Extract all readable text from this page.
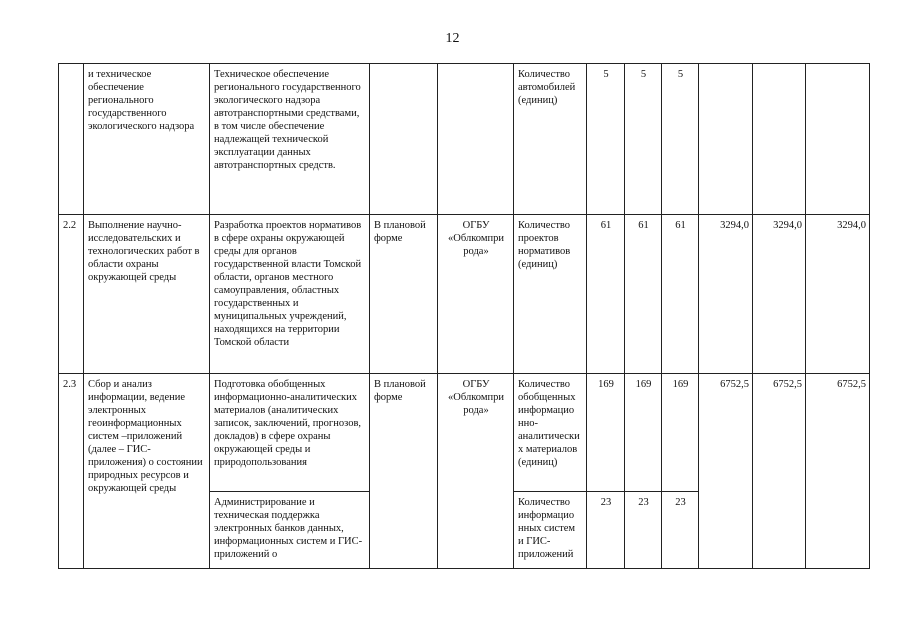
12
	и техническое обеспечение регионального государственного экологического надзора	Техническое обеспечение регионального государственного экологического надзора автотранспортными средствами, в том числе обеспечение надлежащей технической эксплуатации данных автотранспортных средств.			Количество автомобилей (единиц)	5	5	5			
2.2	Выполнение научно-исследовательских и технологических работ в области охраны окружающей среды	Разработка проектов нормативов в сфере охраны окружающей среды для органов государственной власти Томской области, органов местного самоуправления, областных государственных и муниципальных учреждений, находящихся на территории Томской области	В плановой форме	ОГБУ «Облкомпри рода»	Количество проектов нормативов (единиц)	61	61	61	3294,0	3294,0	3294,0
2.3	Сбор и анализ информации, ведение электронных геоинформационных систем –приложений (далее – ГИС-приложения) о состоянии природных ресурсов и окружающей среды	Подготовка обобщенных информационно-аналитических материалов (аналитических записок, заключений, прогнозов, докладов) в сфере охраны окружающей среды и природопользования	В плановой форме	ОГБУ «Облкомпри рода»	Количество обобщенных информацио нно-аналитически х материалов (единиц)	169	169	169	6752,5	6752,5	6752,5
		Администрирование и техническая поддержка электронных банков данных, информационных систем и ГИС-приложений о			Количество информацио нных систем и ГИС-приложений	23	23	23			
